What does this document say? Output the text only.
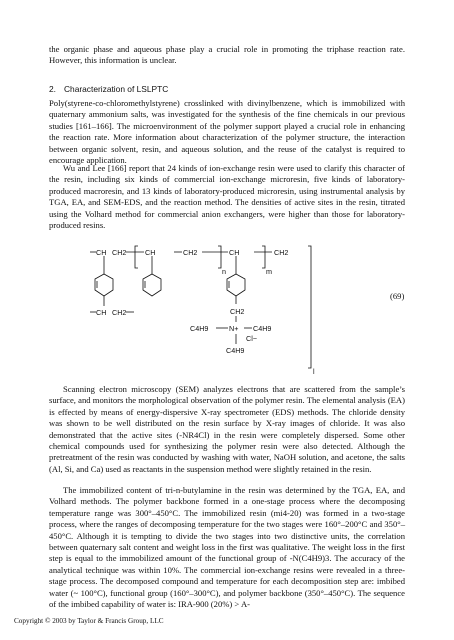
the organic phase and aqueous phase play a crucial role in promoting the triphase reaction rate. However, this information is unclear.

2. Characterization of LSLPTC

Poly(styrene-co-chloromethylstyrene) crosslinked with divinylbenzene, which is immobilized with quaternary ammonium salts, was investigated for the synthesis of the fine chemicals in our previous studies [161–166]. The microenvironment of the polymer support played a crucial role in enhancing the reaction rate. More information about characterization of the polymer structure, the interaction between organic solvent, resin, and aqueous solution, and the reuse of the catalyst is required to encourage application.

Wu and Lee [166] report that 24 kinds of ion-exchange resin were used to clarify this character of the resin, including six kinds of commercial ion-exchange microresin, five kinds of laboratory-produced macroresin, and 13 kinds of laboratory-produced microresin, using instrumental analysis by TGA, EA, and SEM-EDS, and the reaction method. The densities of active sites in the resin, titrated using the Volhard method for commercial anion exchangers, were higher than those for laboratory-produced resins.

CH CH2	CH	CH2	CH	CH2
n	m
l
CH CH2	CH2
C4H9	N+ C4H9
Cl−
C4H9
(69)

Scanning electron microscopy (SEM) analyzes electrons that are scattered from the sample’s surface, and monitors the morphological observation of the polymer resin. The elemental analysis (EA) is effected by means of energy-dispersive X-ray spectrometer (EDS) methods. The chloride density was shown to be well distributed on the resin surface by X-ray images of chloride. It was also demonstrated that the active sites (-NR4Cl) in the resin were completely dispersed. Some other chemical compounds used for synthesizing the polymer resin were also detected. Although the pretreatment of the resin was conducted by washing with water, NaOH solution, and acetone, the salts (Al, Si, and Ca) used as reactants in the suspension method were slightly retained in the resin.

The immobilized content of tri-n-butylamine in the resin was determined by the TGA, EA, and Volhard methods. The polymer backbone formed in a one-stage process where the decomposing temperature range was 300°–450°C. The immobilized resin (mi4-20) was formed in a two-stage process, where the ranges of decomposing temperature for the two stages were 160°–200°C and 350°–450°C. Although it is tempting to divide the two stages into two distinctive units, the correlation between quaternary salt content and weight loss in the first was qualitative. The weight loss in the first step is equal to the immobilized amount of the functional group of -N(C4H9)3. The accuracy of the analytical technique was within 10%. The commercial ion-exchange resins were revealed in a three-stage process. The decomposed compound and temperature for each decomposition step are: imbibed water (~ 100°C), functional group (160°–300°C), and polymer backbone (350°–450°C). The sequence of the imbibed capability of water is: IRA-900 (20%) > A-

Copyright © 2003 by Taylor & Francis Group, LLC
